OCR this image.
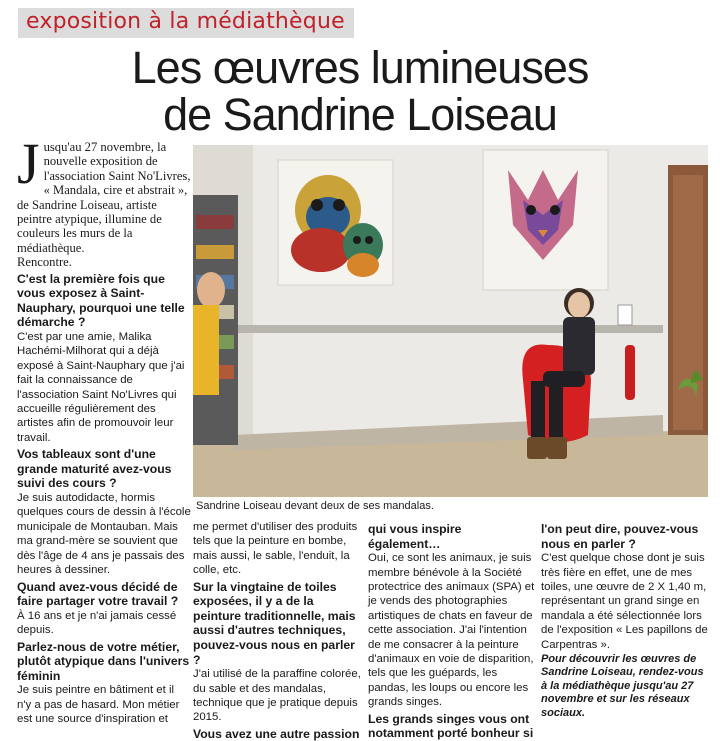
exposition à la médiathèque
Les œuvres lumineuses
de Sandrine Loiseau
J usqu'au 27 novembre, la nouvelle exposition de l'association Saint No'Livres, « Mandala, cire et abstrait », de Sandrine Loiseau, artiste peintre atypique, illumine de couleurs les murs de la médiathèque.

Rencontre.

C'est la première fois que vous exposez à Saint-Nauphary, pourquoi une telle démarche ?

C'est par une amie, Malika Hachémi-Milhorat qui a déjà exposé à Saint-Nauphary que j'ai fait la connaissance de l'association Saint No'Livres qui accueille régulièrement des artistes afin de promouvoir leur travail.

Vos tableaux sont d'une grande maturité avez-vous suivi des cours ?

Je suis autodidacte, hormis quelques cours de dessin à l'école municipale de Montauban. Mais ma grand-mère se souvient que dès l'âge de 4 ans je passais des heures à dessiner.

Quand avez-vous décidé de faire partager votre travail ?

À 16 ans et je n'ai jamais cessé depuis.

Parlez-nous de votre métier, plutôt atypique dans l'univers féminin

Je suis peintre en bâtiment et il n'y a pas de hasard. Mon métier est une source d'inspiration et

Sandrine Loiseau devant deux de ses mandalas.

me permet d'utiliser des produits tels que la peinture en bombe, mais aussi, le sable, l'enduit, la colle, etc.

Sur la vingtaine de toiles exposées, il y a de la peinture traditionnelle, mais aussi d'autres techniques, pouvez-vous nous en parler ?

J'ai utilisé de la paraffine colorée, du sable et des mandalas, technique que je pratique depuis 2015.

Vous avez une autre passion

qui vous inspire également…

Oui, ce sont les animaux, je suis membre bénévole à la Société protectrice des animaux (SPA) et je vends des photographies artistiques de chats en faveur de cette association. J'ai l'intention de me consacrer à la peinture d'animaux en voie de disparition, tels que les guépards, les pandas, les loups ou encore les grands singes.

Les grands singes vous ont notamment porté bonheur si

l'on peut dire, pouvez-vous nous en parler ?

C'est quelque chose dont je suis très fière en effet, une de mes toiles, une œuvre de 2 X 1,40 m, représentant un grand singe en mandala a été sélectionnée lors de l'exposition « Les papillons de Carpentras ».

Pour découvrir les œuvres de Sandrine Loiseau, rendez-vous à la médiathèque jusqu'au 27 novembre et sur les réseaux sociaux.
